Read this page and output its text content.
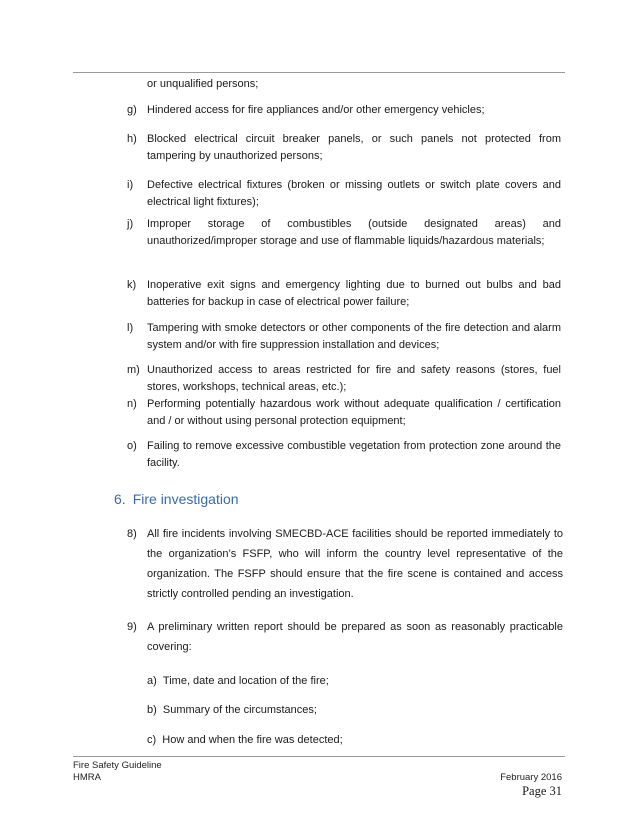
or unqualified persons;
g) Hindered access for fire appliances and/or other emergency vehicles;
h) Blocked electrical circuit breaker panels, or such panels not protected from tampering by unauthorized persons;
i)	Defective electrical fixtures (broken or missing outlets or switch plate covers and electrical light fixtures);
j)	Improper storage of combustibles (outside designated areas) and unauthorized/improper storage and use of flammable liquids/hazardous materials;
k) Inoperative exit signs and emergency lighting due to burned out bulbs and bad batteries for backup in case of electrical power failure;
l)	Tampering with smoke detectors or other components of the fire detection and alarm system and/or with fire suppression installation and devices;
m) Unauthorized access to areas restricted for fire and safety reasons (stores, fuel stores, workshops, technical areas, etc.);
n) Performing potentially hazardous work without adequate qualification / certification and / or without using personal protection equipment;
o) Failing to remove excessive combustible vegetation from protection zone around the facility.
6. Fire investigation
8) All fire incidents involving SMECBD-ACE facilities should be reported immediately to the organization’s FSFP, who will inform the country level representative of the organization. The FSFP should ensure that the fire scene is contained and access strictly controlled pending an investigation.
9) A preliminary written report should be prepared as soon as reasonably practicable covering:
a) Time, date and location of the fire;
b) Summary of the circumstances;
c) How and when the fire was detected;
Fire Safety Guideline
HMRA	February 2016
Page 31
